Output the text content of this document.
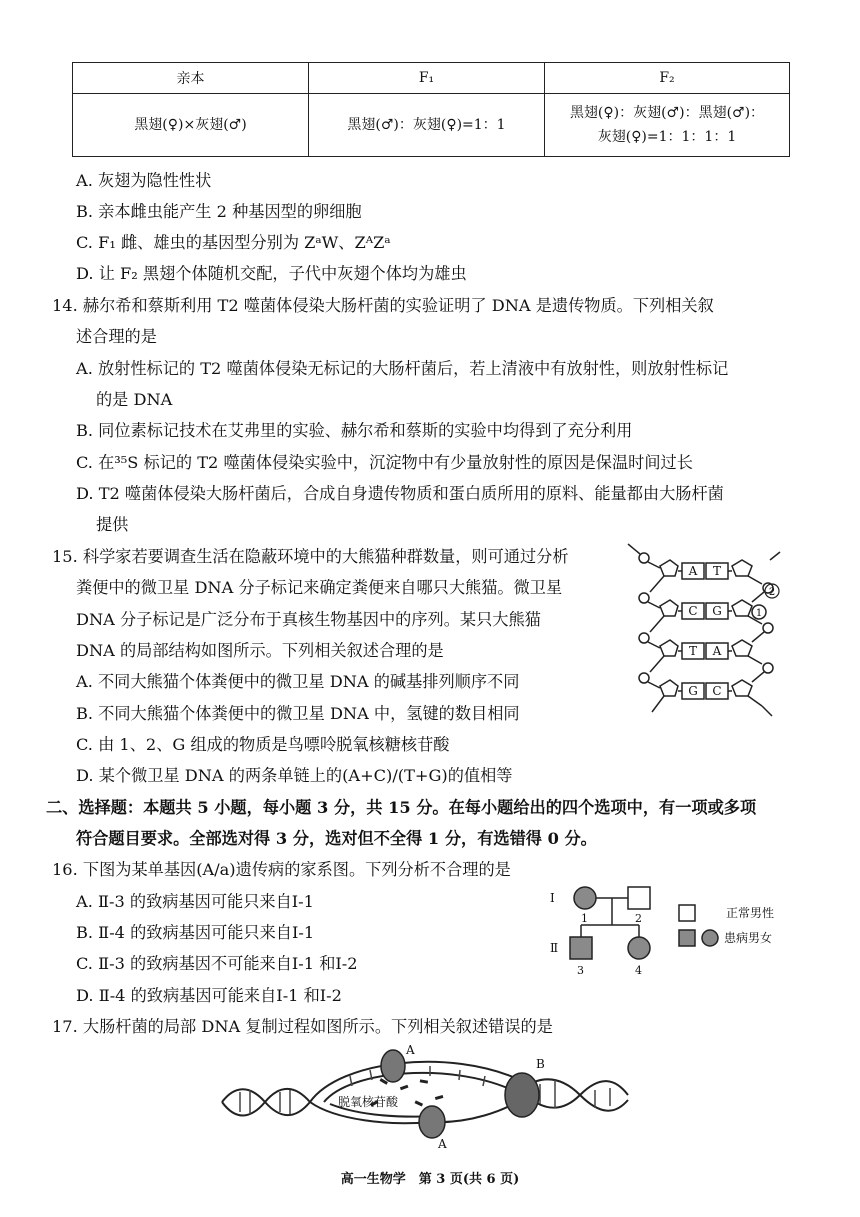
亲本	F₁	F₂
黑翅(♀)×灰翅(♂)	黑翅(♂)：灰翅(♀)=1：1	黑翅(♀)：灰翅(♂)：黑翅(♂)：
灰翅(♀)=1：1：1：1
A. 灰翅为隐性性状
B. 亲本雌虫能产生 2 种基因型的卵细胞
C. F₁ 雌、雄虫的基因型分别为 ZᵃW、ZᴬZᵃ
D. 让 F₂ 黑翅个体随机交配，子代中灰翅个体均为雄虫
14. 赫尔希和蔡斯利用 T2 噬菌体侵染大肠杆菌的实验证明了 DNA 是遗传物质。下列相关叙
述合理的是
A. 放射性标记的 T2 噬菌体侵染无标记的大肠杆菌后，若上清液中有放射性，则放射性标记
的是 DNA
B. 同位素标记技术在艾弗里的实验、赫尔希和蔡斯的实验中均得到了充分利用
C. 在³⁵S 标记的 T2 噬菌体侵染实验中，沉淀物中有少量放射性的原因是保温时间过长
D. T2 噬菌体侵染大肠杆菌后，合成自身遗传物质和蛋白质所用的原料、能量都由大肠杆菌
提供
15. 科学家若要调查生活在隐蔽环境中的大熊猫种群数量，则可通过分析
粪便中的微卫星 DNA 分子标记来确定粪便来自哪只大熊猫。微卫星
DNA 分子标记是广泛分布于真核生物基因中的序列。某只大熊猫
DNA 的局部结构如图所示。下列相关叙述合理的是
A. 不同大熊猫个体粪便中的微卫星 DNA 的碱基排列顺序不同
B. 不同大熊猫个体粪便中的微卫星 DNA 中，氢键的数目相同
C. 由 1、2、G 组成的物质是鸟嘌呤脱氧核糖核苷酸
D. 某个微卫星 DNA 的两条单链上的(A+C)/(T+G)的值相等
A T
C G
T A
G C
1
2
二、选择题：本题共 5 小题，每小题 3 分，共 15 分。在每小题给出的四个选项中，有一项或多项
符合题目要求。全部选对得 3 分，选对但不全得 1 分，有选错得 0 分。
16. 下图为某单基因(A/a)遗传病的家系图。下列分析不合理的是
A. Ⅱ-3 的致病基因可能只来自Ⅰ-1
B. Ⅱ-4 的致病基因可能只来自Ⅰ-1
C. Ⅱ-3 的致病基因不可能来自Ⅰ-1 和Ⅰ-2
D. Ⅱ-4 的致病基因可能来自Ⅰ-1 和Ⅰ-2
Ⅰ
Ⅱ
1	2
3	4
正常男性
患病男女
17. 大肠杆菌的局部 DNA 复制过程如图所示。下列相关叙述错误的是
A
A
B
脱氧核苷酸
高一生物学　第 3 页(共 6 页)
